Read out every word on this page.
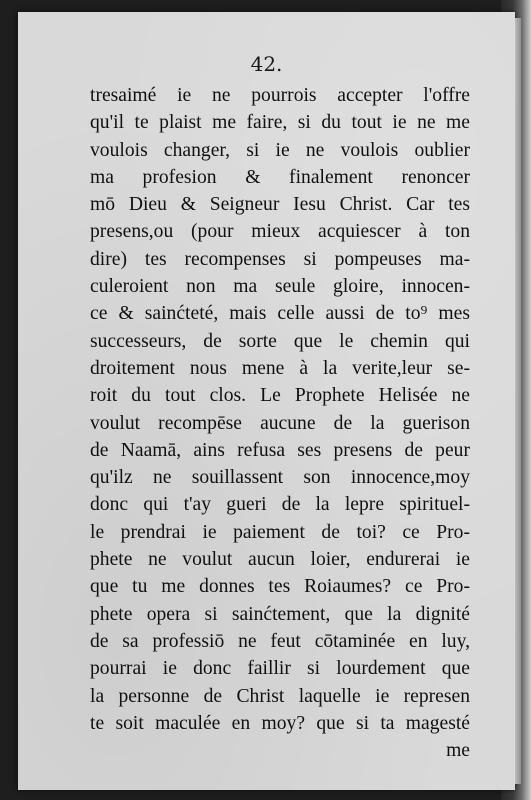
42.
tresaimé ie ne pourrois accepter l'offre
qu'il te plaist me faire, si du tout ie ne me
voulois changer, si ie ne voulois oublier
ma profesion & finalement renoncer
mō Dieu & Seigneur Iesu Christ. Car tes
presens,ou (pour mieux acquiescer à ton
dire) tes recompenses si pompeuses ma-
culeroient non ma seule gloire, innocen-
ce & sainćteté, mais celle aussi de to⁹ mes
successeurs, de sorte que le chemin qui
droitement nous mene à la verite,leur se-
roit du tout clos. Le Prophete Helisée ne
voulut recompēse aucune de la guerison
de Naamā, ains refusa ses presens de peur
qu'ilz ne souillassent son innocence,moy
donc qui t'ay gueri de la lepre spirituel-
le prendrai ie paiement de toi? ce Pro-
phete ne voulut aucun loier, endurerai ie
que tu me donnes tes Roiaumes? ce Pro-
phete opera si sainćtement, que la dignité
de sa professiō ne feut cōtaminée en luy,
pourrai ie donc faillir si lourdement que
la personne de Christ laquelle ie represen
te soit maculée en moy? que si ta magesté
me
